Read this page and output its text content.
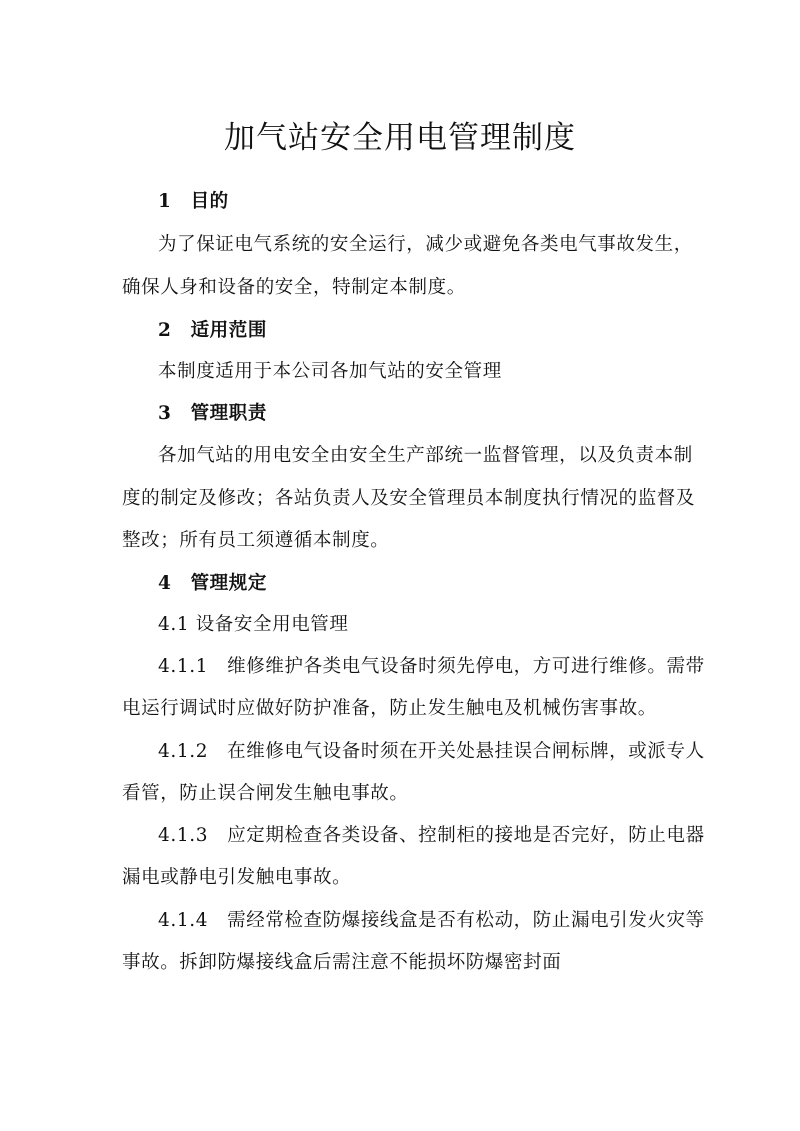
加气站安全用电管理制度

1　目的

为了保证电气系统的安全运行，减少或避免各类电气事故发生，

确保人身和设备的安全，特制定本制度。

2　适用范围

本制度适用于本公司各加气站的安全管理

3　管理职责

各加气站的用电安全由安全生产部统一监督管理，以及负责本制

度的制定及修改；各站负责人及安全管理员本制度执行情况的监督及

整改；所有员工须遵循本制度。

4　管理规定

4.1 设备安全用电管理

4.1.1　维修维护各类电气设备时须先停电，方可进行维修。需带

电运行调试时应做好防护准备，防止发生触电及机械伤害事故。

4.1.2　在维修电气设备时须在开关处悬挂误合闸标牌，或派专人

看管，防止误合闸发生触电事故。

4.1.3　应定期检查各类设备、控制柜的接地是否完好，防止电器

漏电或静电引发触电事故。

4.1.4　需经常检查防爆接线盒是否有松动，防止漏电引发火灾等

事故。拆卸防爆接线盒后需注意不能损坏防爆密封面
